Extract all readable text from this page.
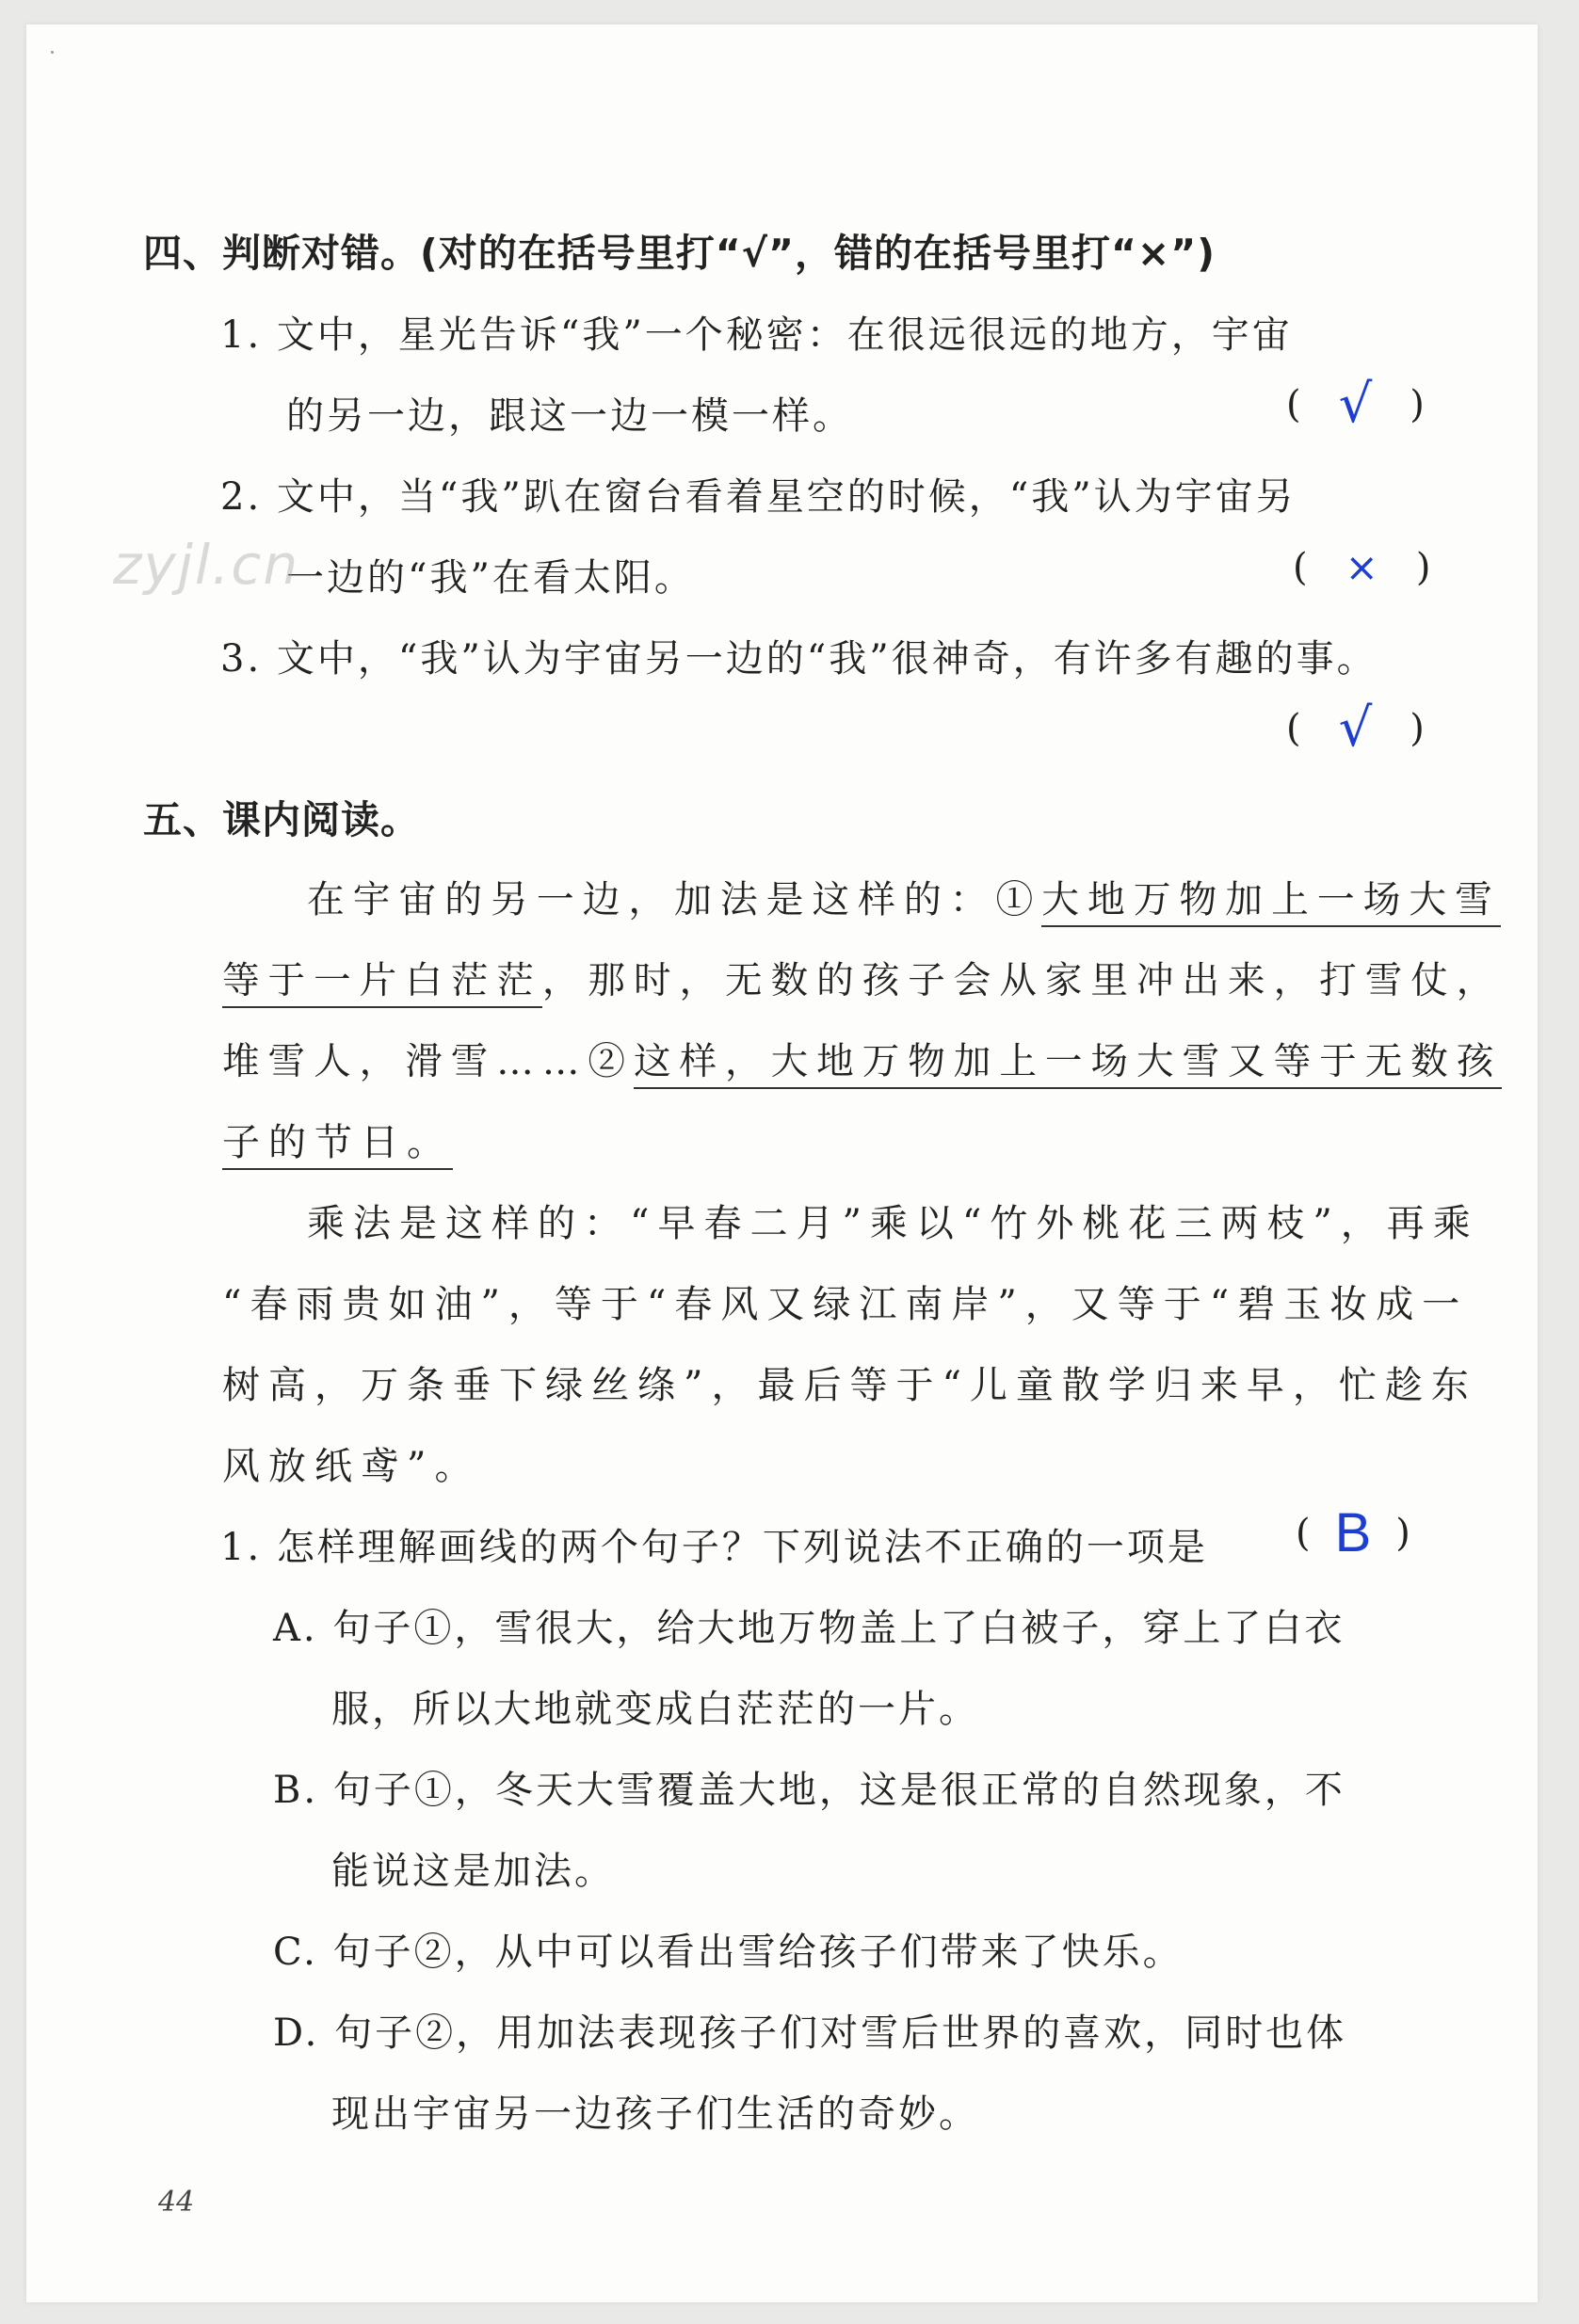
四、判断对错。(对的在括号里打“√”，错的在括号里打“×”)
1. 文中，星光告诉“我”一个秘密：在很远很远的地方，宇宙
的另一边，跟这一边一模一样。	( √ )
2. 文中，当“我”趴在窗台看着星空的时候，“我”认为宇宙另
一边的“我”在看太阳。
zyjl.cn	( × )
3. 文中，“我”认为宇宙另一边的“我”很神奇，有许多有趣的事。
( √ )
五、课内阅读。
在宇宙的另一边，加法是这样的：①大地万物加上一场大雪
等于一片白茫茫，那时，无数的孩子会从家里冲出来，打雪仗，
堆雪人，滑雪……②这样，大地万物加上一场大雪又等于无数孩
子的节日。
乘法是这样的：“早春二月”乘以“竹外桃花三两枝”，再乘
“春雨贵如油”，等于“春风又绿江南岸”，又等于“碧玉妆成一
树高，万条垂下绿丝绦”，最后等于“儿童散学归来早，忙趁东
风放纸鸢”。
1. 怎样理解画线的两个句子？下列说法不正确的一项是 ( B )
A. 句子①，雪很大，给大地万物盖上了白被子，穿上了白衣
服，所以大地就变成白茫茫的一片。
B. 句子①，冬天大雪覆盖大地，这是很正常的自然现象，不
能说这是加法。
C. 句子②，从中可以看出雪给孩子们带来了快乐。
D. 句子②，用加法表现孩子们对雪后世界的喜欢，同时也体
现出宇宙另一边孩子们生活的奇妙。
44
